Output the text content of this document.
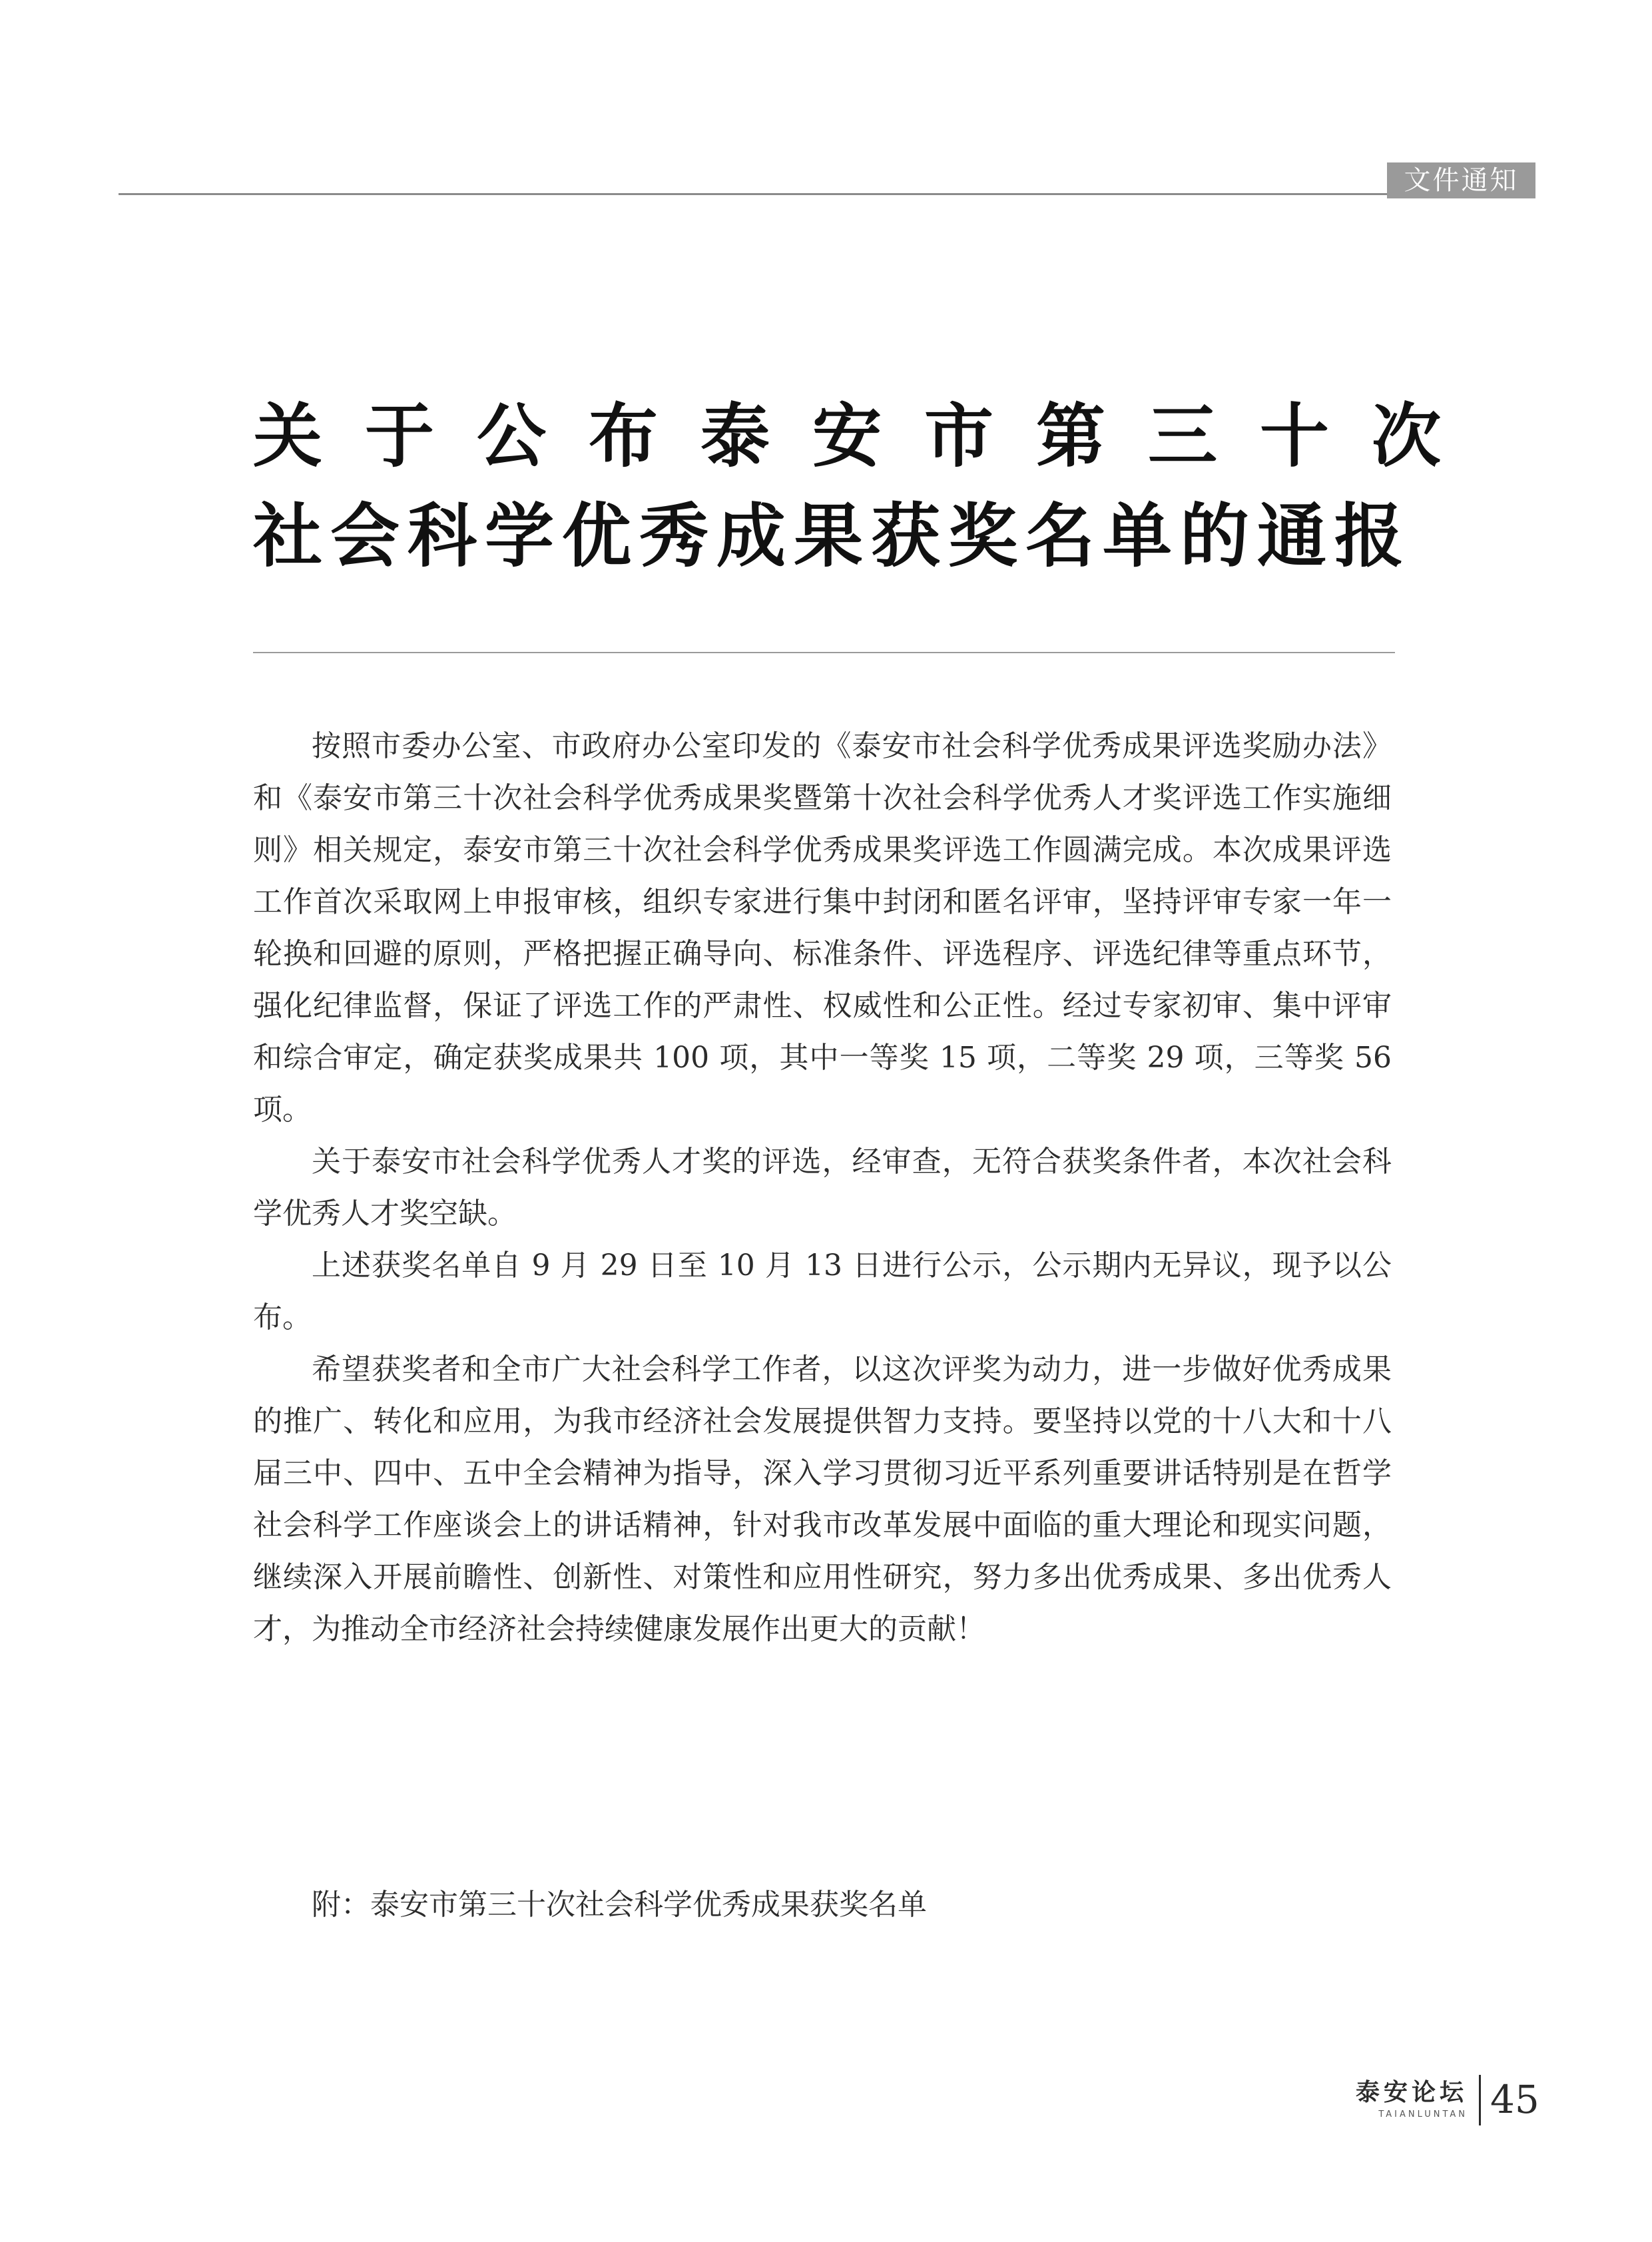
文件通知
关于公布泰安市第三十次
社会科学优秀成果获奖名单的通报

按照市委办公室、市政府办公室印发的《泰安市社会科学优秀成果评选奖励办法》和《泰安市第三十次社会科学优秀成果奖暨第十次社会科学优秀人才奖评选工作实施细则》相关规定，泰安市第三十次社会科学优秀成果奖评选工作圆满完成。本次成果评选工作首次采取网上申报审核，组织专家进行集中封闭和匿名评审，坚持评审专家一年一轮换和回避的原则，严格把握正确导向、标准条件、评选程序、评选纪律等重点环节，强化纪律监督，保证了评选工作的严肃性、权威性和公正性。经过专家初审、集中评审和综合审定，确定获奖成果共 100 项，其中一等奖 15 项，二等奖 29 项，三等奖 56 项。

关于泰安市社会科学优秀人才奖的评选，经审查，无符合获奖条件者，本次社会科学优秀人才奖空缺。

上述获奖名单自 9 月 29 日至 10 月 13 日进行公示，公示期内无异议，现予以公布。

希望获奖者和全市广大社会科学工作者，以这次评奖为动力，进一步做好优秀成果的推广、转化和应用，为我市经济社会发展提供智力支持。要坚持以党的十八大和十八届三中、四中、五中全会精神为指导，深入学习贯彻习近平系列重要讲话特别是在哲学社会科学工作座谈会上的讲话精神，针对我市改革发展中面临的重大理论和现实问题，继续深入开展前瞻性、创新性、对策性和应用性研究，努力多出优秀成果、多出优秀人才，为推动全市经济社会持续健康发展作出更大的贡献！

附：泰安市第三十次社会科学优秀成果获奖名单

泰安论坛
TAIANLUNTAN 45
